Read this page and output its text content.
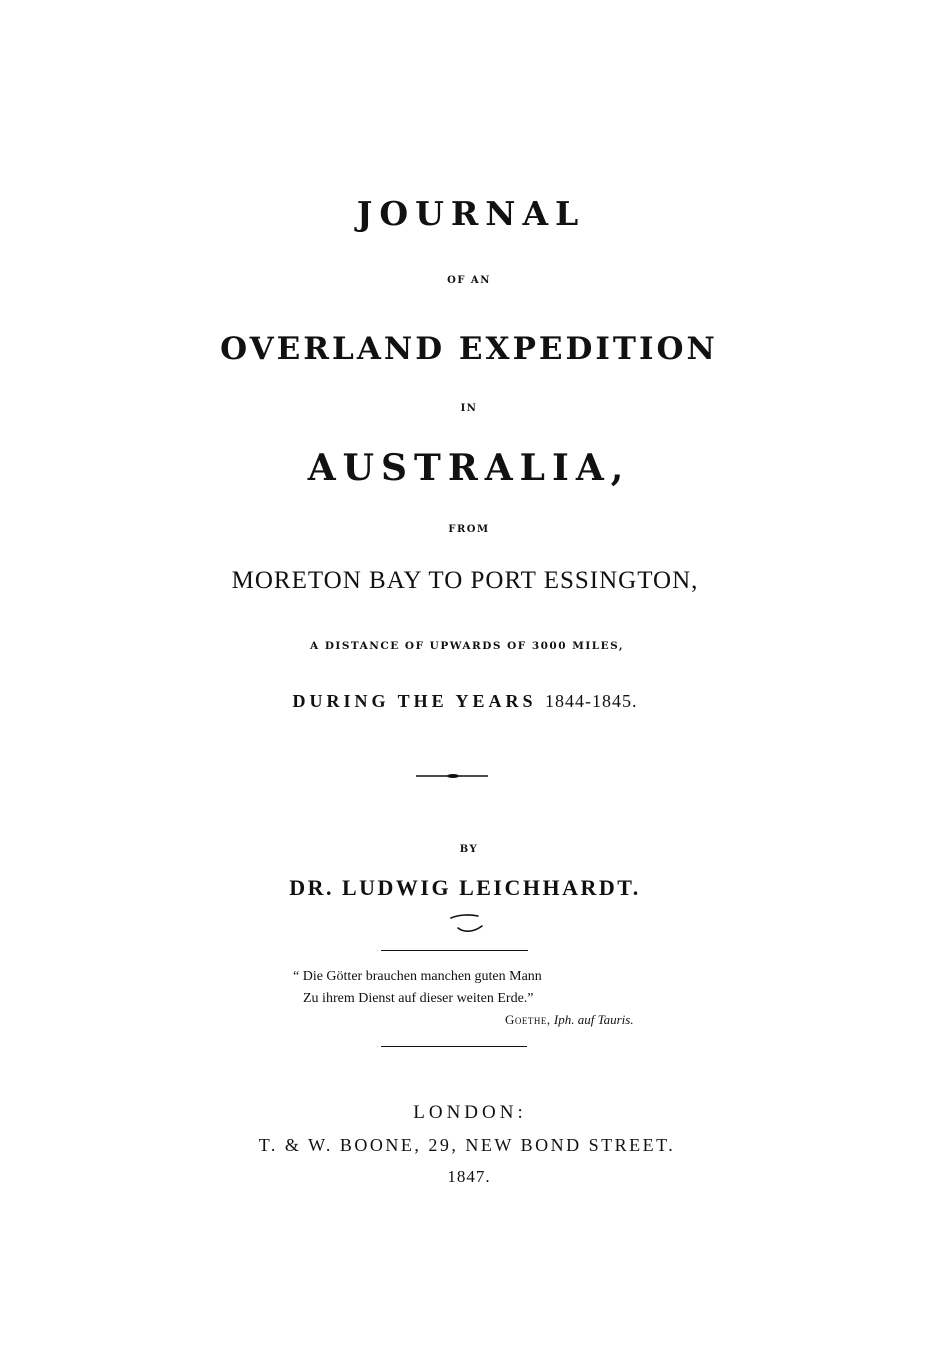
JOURNAL
OF AN
OVERLAND EXPEDITION
IN
AUSTRALIA,
FROM
MORETON BAY TO PORT ESSINGTON,
A DISTANCE OF UPWARDS OF 3000 MILES,
DURING THE YEARS 1844-1845.
BY
DR. LUDWIG LEICHHARDT.
“ Die Götter brauchen manchen guten Mann
Zu ihrem Dienst auf dieser weiten Erde.”
Goethe, Iph. auf Tauris.
LONDON:
T. & W. BOONE, 29, NEW BOND STREET.
1847.
